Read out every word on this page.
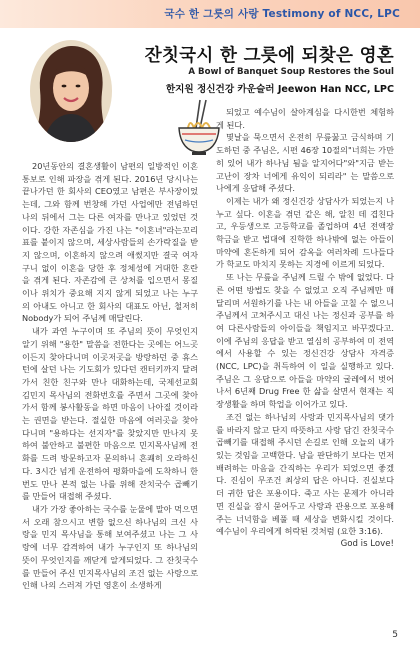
국수 한 그릇의 사랑 Testimony of NCC, LPC
잔칫국시 한 그릇에 되찾은 영혼
A Bowl of Banquet Soup Restores the Soul
한지원 정신건강 카운슬러 Jeewon Han NCC, LPC

20년동안의 결혼생활이 남편의 일방적인 이혼 통보로 인해 파장을 겪게 된다. 2016년 당시나는 끝나가던 한 회사의 CEO였고 남편은 부사장이었는데, 그와 함께 번창해 가던 사업에만 전념하던 나의 뒤에서 그는 다른 여자를 만나고 있었던 것이다. 강한 자존심을 가진 나는 "이혼녀"라는꼬리표를 붙이지 않으며, 세상사람들의 손가락질을 받지 않으며, 이혼하지 않으려 애썼지만 결국 여자구니 없이 이혼을 당한 후 정체성에 거대한 혼란을 겪게 된다. 자존감에 큰 상처를 입으면서 몽질이나 위치가 중요해 지지 않게 되었고 나는 누구의 아내도 아니고 한 회사의 대표도 아닌, 철저히 Nobody가 되어 주님께 매달린다.

내가 과연 누구이며 또 주님의 뜻이 무엇인지 알기 위해 "용한" 말씀을 전한다는 곳에는 어느곳이든지 찾아다니며 이곳저곳을 방랑하던 중 휴스턴에 살던 나는 기도회가 있다던 캔터키까지 달려가서 친한 친구와 만나 대화하는데, 국제선교회 김민지 목사님의 전화번호를 주면서 그곳에 찾아가서 함께 봉사활동을 하면 마음이 나아질 것이라는 권면을 받는다. 절실한 마음에 여러곳을 찾아다니며 "용하다는 선지자"를 찾았지만 만나지 못하여 불안하고 불편한 마음으로 민지목사님께 전화를 드려 방문하고자 문의하니 흔쾌히 오라하신다. 3시간 넘게 운전하여 평화마을에 도착하니 한번도 만나 본적 없는 나를 위해 잔치국수 곱빼기를 만들어 대접해 주셨다.

내가 가장 좋아하는 국수를 눈물에 말아 먹으면서 오래 참으시고 변함 없으신 하나님의 크신 사랑을 민지 목사님을 통해 보여주셨고 나는 그 사랑에 너무 감격하여 내가 누구인지 또 하나님의 뜻이 무엇인지를 깨닫게 알게되었다. 그 잔칫국수를 만들어 주신 민지목사님의 조건 없는 사랑으로 인해 나의 스러져 가던 영혼이 소생하게

되었고 예수님이 살아계심을 다시한번 체험하게 된다.

몇날을 묵으면서 온전히 무릎꿇고 금식하며 기도하던 중 주님은, 시편 46장 10절의"너희는 가만히 있어 내가 하나님 됨을 알지어다"와"지금 받는 고난이 장차 너에게 유익이 되리라" 는 말씀으로 나에게 응답해 주셨다.

이제는 내가 왜 정신건강 상담사가 되었는지 나누고 싶다. 이혼을 겪던 같은 해, 알친 데 겹친다고, 우등생으로 고등학교를 졸업하며 4년 전액장학금을 받고 법대에 진학한 하나밖에 없는 아들이 마약에 혼돈하게 되어 감옥을 여러차례 드나들다가 학교도 마치지 못하는 지경에 이르게 되었다.

또 나는 무릎을 주님께 드릴 수 밖에 없었다. 다른 어떤 방법도 찾을 수 없었고 오직 주님께만 매달리며 서원하기를 나는 내 아들을 고칠 수 없으니 주님께서 고쳐주시고 대신 나는 정신과 공부를 하여 다른사람들의 아이들을 책임지고 바꾸겠다고. 이에 주님의 응답을 받고 열심히 공부하여 미 전역에서 사용할 수 있는 정신건강 상담사 자격증 (NCC, LPC)을 취득하여 이 일을 실행하고 있다. 주님은 그 응답으로 아들을 마약의 굴레에서 벗어나서 6년째 Drug Free 한 삶을 살면서 현재는 직장생활을 하며 학업을 이어가고 있다.

조건 없는 하나님의 사랑과 민지목사님의 댓가를 바라지 않고 단지 따뜻하고 사랑 담긴 잔칫국수 곱빼기를 대접해 주시던 손길로 인해 오늘의 내가 있는 것임을 고백한다. 남을 판단하기 보다는 먼저 배려하는 마음을 간직하는 우리가 되었으면 좋겠다. 진심이 무조건 최상의 답은 아니다. 진실보다 더 귀한 답은 포용이다. 죽고 사는 문제가 아니라면 진실을 잠시 묻어두고 사랑과 관용으로 포용해 주는 너넉함을 베풀 때 세상을 변화시킬 것이다. 예수님이 우리에게 허락된 것처럼 (요한 3:16).

God is Love!

5
